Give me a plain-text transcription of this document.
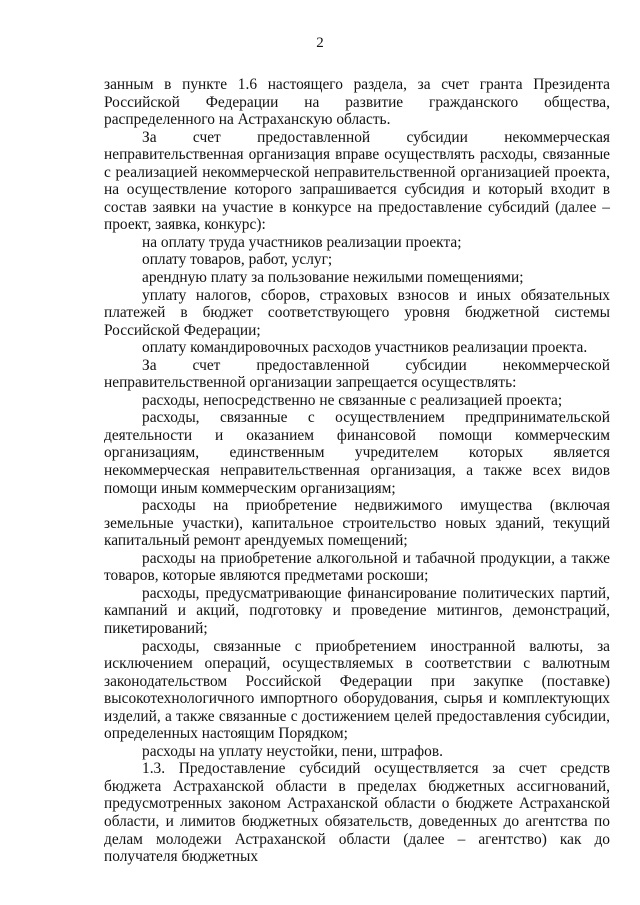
2

занным в пункте 1.6 настоящего раздела, за счет гранта Президента Российской Федерации на развитие гражданского общества, распределенного на Астраханскую область.

За счет предоставленной субсидии некоммерческая неправительственная организация вправе осуществлять расходы, связанные с реализацией некоммерческой неправительственной организацией проекта, на осуществление которого запрашивается субсидия и который входит в состав заявки на участие в конкурсе на предоставление субсидий (далее – проект, заявка, конкурс):

на оплату труда участников реализации проекта;

оплату товаров, работ, услуг;

арендную плату за пользование нежилыми помещениями;

уплату налогов, сборов, страховых взносов и иных обязательных платежей в бюджет соответствующего уровня бюджетной системы Российской Федерации;

оплату командировочных расходов участников реализации проекта.

За счет предоставленной субсидии некоммерческой неправительственной организации запрещается осуществлять:

расходы, непосредственно не связанные с реализацией проекта;

расходы, связанные с осуществлением предпринимательской деятельности и оказанием финансовой помощи коммерческим организациям, единственным учредителем которых является некоммерческая неправительственная организация, а также всех видов помощи иным коммерческим организациям;

расходы на приобретение недвижимого имущества (включая земельные участки), капитальное строительство новых зданий, текущий капитальный ремонт арендуемых помещений;

расходы на приобретение алкогольной и табачной продукции, а также товаров, которые являются предметами роскоши;

расходы, предусматривающие финансирование политических партий, кампаний и акций, подготовку и проведение митингов, демонстраций, пикетирований;

расходы, связанные с приобретением иностранной валюты, за исключением операций, осуществляемых в соответствии с валютным законодательством Российской Федерации при закупке (поставке) высокотехнологичного импортного оборудования, сырья и комплектующих изделий, а также связанные с достижением целей предоставления субсидии, определенных настоящим Порядком;

расходы на уплату неустойки, пени, штрафов.

1.3. Предоставление субсидий осуществляется за счет средств бюджета Астраханской области в пределах бюджетных ассигнований, предусмотренных законом Астраханской области о бюджете Астраханской области, и лимитов бюджетных обязательств, доведенных до агентства по делам молодежи Астраханской области (далее – агентство) как до получателя бюджетных
